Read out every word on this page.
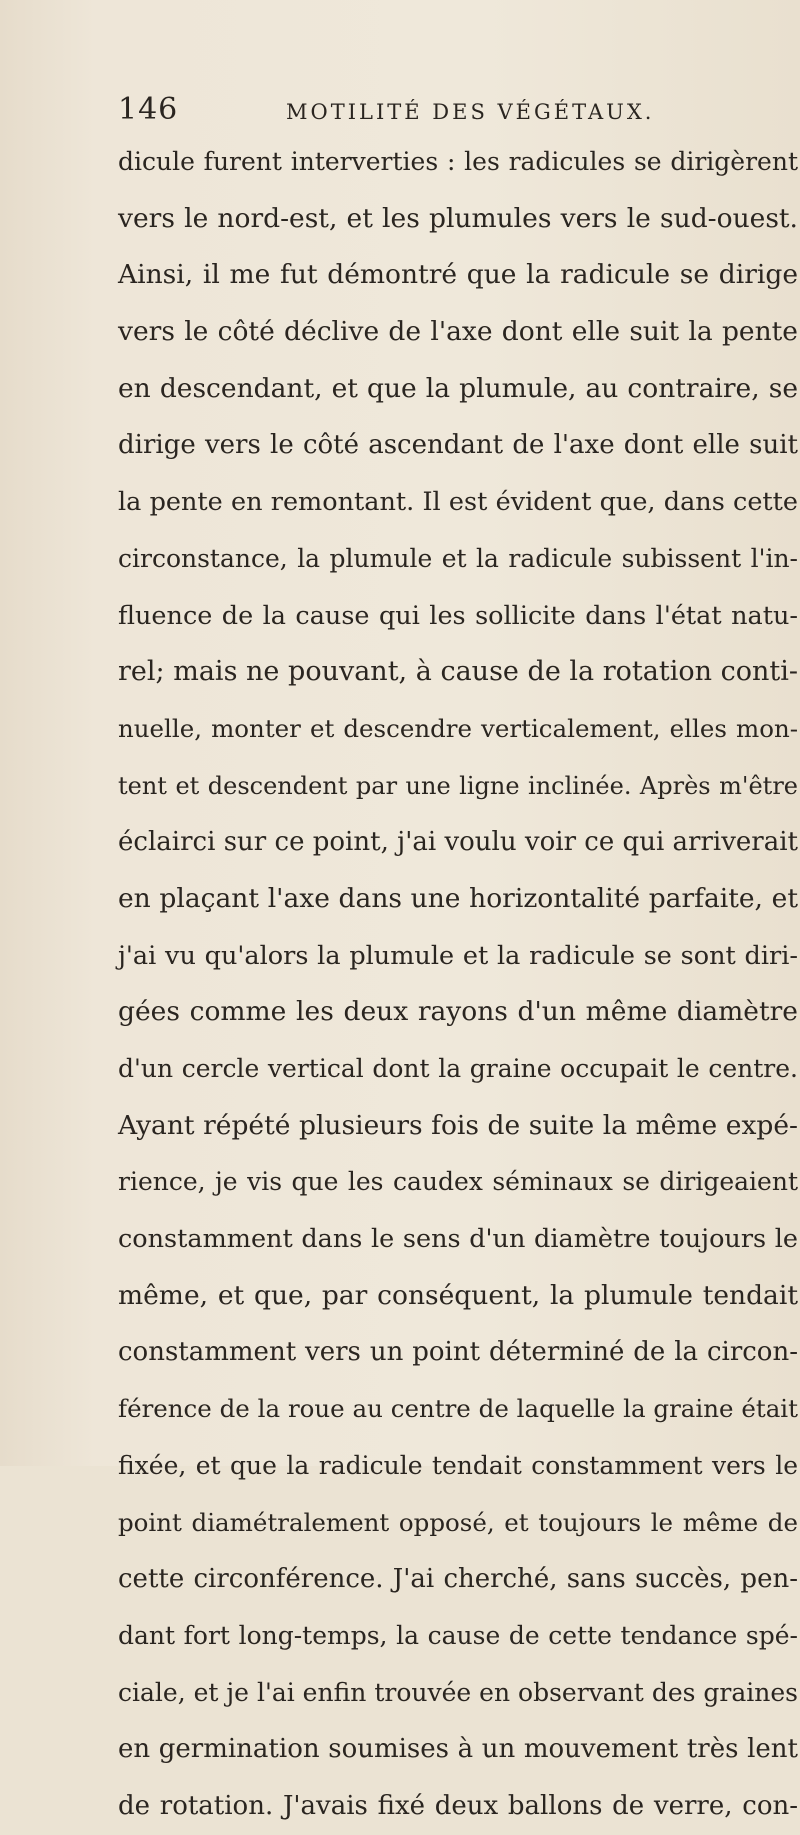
146	MOTILITÉ DES VÉGÉTAUX.
dicule furent interverties : les radicules se dirigèrent
vers le nord-est, et les plumules vers le sud-ouest.
Ainsi, il me fut démontré que la radicule se dirige
vers le côté déclive de l'axe dont elle suit la pente
en descendant, et que la plumule, au contraire, se
dirige vers le côté ascendant de l'axe dont elle suit
la pente en remontant. Il est évident que, dans cette
circonstance, la plumule et la radicule subissent l'in-
fluence de la cause qui les sollicite dans l'état natu-
rel; mais ne pouvant, à cause de la rotation conti-
nuelle, monter et descendre verticalement, elles mon-
tent et descendent par une ligne inclinée. Après m'être
éclairci sur ce point, j'ai voulu voir ce qui arriverait
en plaçant l'axe dans une horizontalité parfaite, et
j'ai vu qu'alors la plumule et la radicule se sont diri-
gées comme les deux rayons d'un même diamètre
d'un cercle vertical dont la graine occupait le centre.
Ayant répété plusieurs fois de suite la même expé-
rience, je vis que les caudex séminaux se dirigeaient
constamment dans le sens d'un diamètre toujours le
même, et que, par conséquent, la plumule tendait
constamment vers un point déterminé de la circon-
férence de la roue au centre de laquelle la graine était
fixée, et que la radicule tendait constamment vers le
point diamétralement opposé, et toujours le même de
cette circonférence. J'ai cherché, sans succès, pen-
dant fort long-temps, la cause de cette tendance spé-
ciale, et je l'ai enfin trouvée en observant des graines
en germination soumises à un mouvement très lent
de rotation. J'avais fixé deux ballons de verre, con-
